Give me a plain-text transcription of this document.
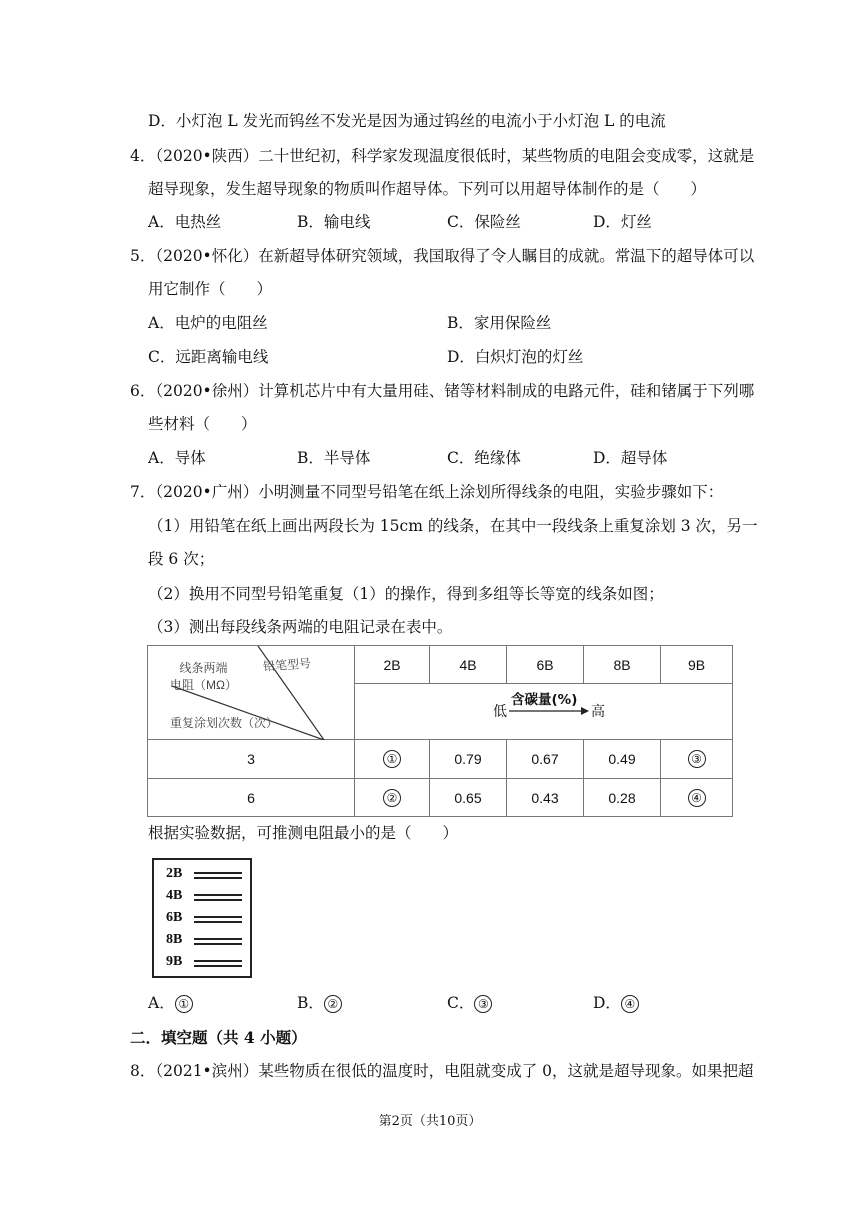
D．小灯泡 L 发光而钨丝不发光是因为通过钨丝的电流小于小灯泡 L 的电流
4．（2020•陕西）二十世纪初，科学家发现温度很低时，某些物质的电阻会变成零，这就是
超导现象，发生超导现象的物质叫作超导体。下列可以用超导体制作的是（　　）
A．电热丝	B．输电线	C．保险丝	D．灯丝
5．（2020•怀化）在新超导体研究领域，我国取得了令人瞩目的成就。常温下的超导体可以
用它制作（　　）
A．电炉的电阻丝	B．家用保险丝
C．远距离输电线	D．白炽灯泡的灯丝
6．（2020•徐州）计算机芯片中有大量用硅、锗等材料制成的电路元件，硅和锗属于下列哪
些材料（　　）
A．导体	B．半导体	C．绝缘体	D．超导体
7．（2020•广州）小明测量不同型号铅笔在纸上涂划所得线条的电阻，实验步骤如下：
（1）用铅笔在纸上画出两段长为 15cm 的线条，在其中一段线条上重复涂划 3 次，另一
段 6 次；
（2）换用不同型号铅笔重复（1）的操作，得到多组等长等宽的线条如图；
（3）测出每段线条两端的电阻记录在表中。
铅笔型号
线条两端
电阻（MΩ）
重复涂划次数（次）	2B	4B	6B	8B	9B

	低
含碳量(%)
高				

3	①	0.79	0.67	0.49	③
6	②	0.65	0.43	0.28	④
根据实验数据，可推测电阻最小的是（　　）
2B
4B
6B
8B
9B
A． ①	B． ②	C． ③	D． ④
二．填空题（共 4 小题）
8．（2021•滨州）某些物质在很低的温度时，电阻就变成了 0，这就是超导现象。如果把超
第2页（共10页）
